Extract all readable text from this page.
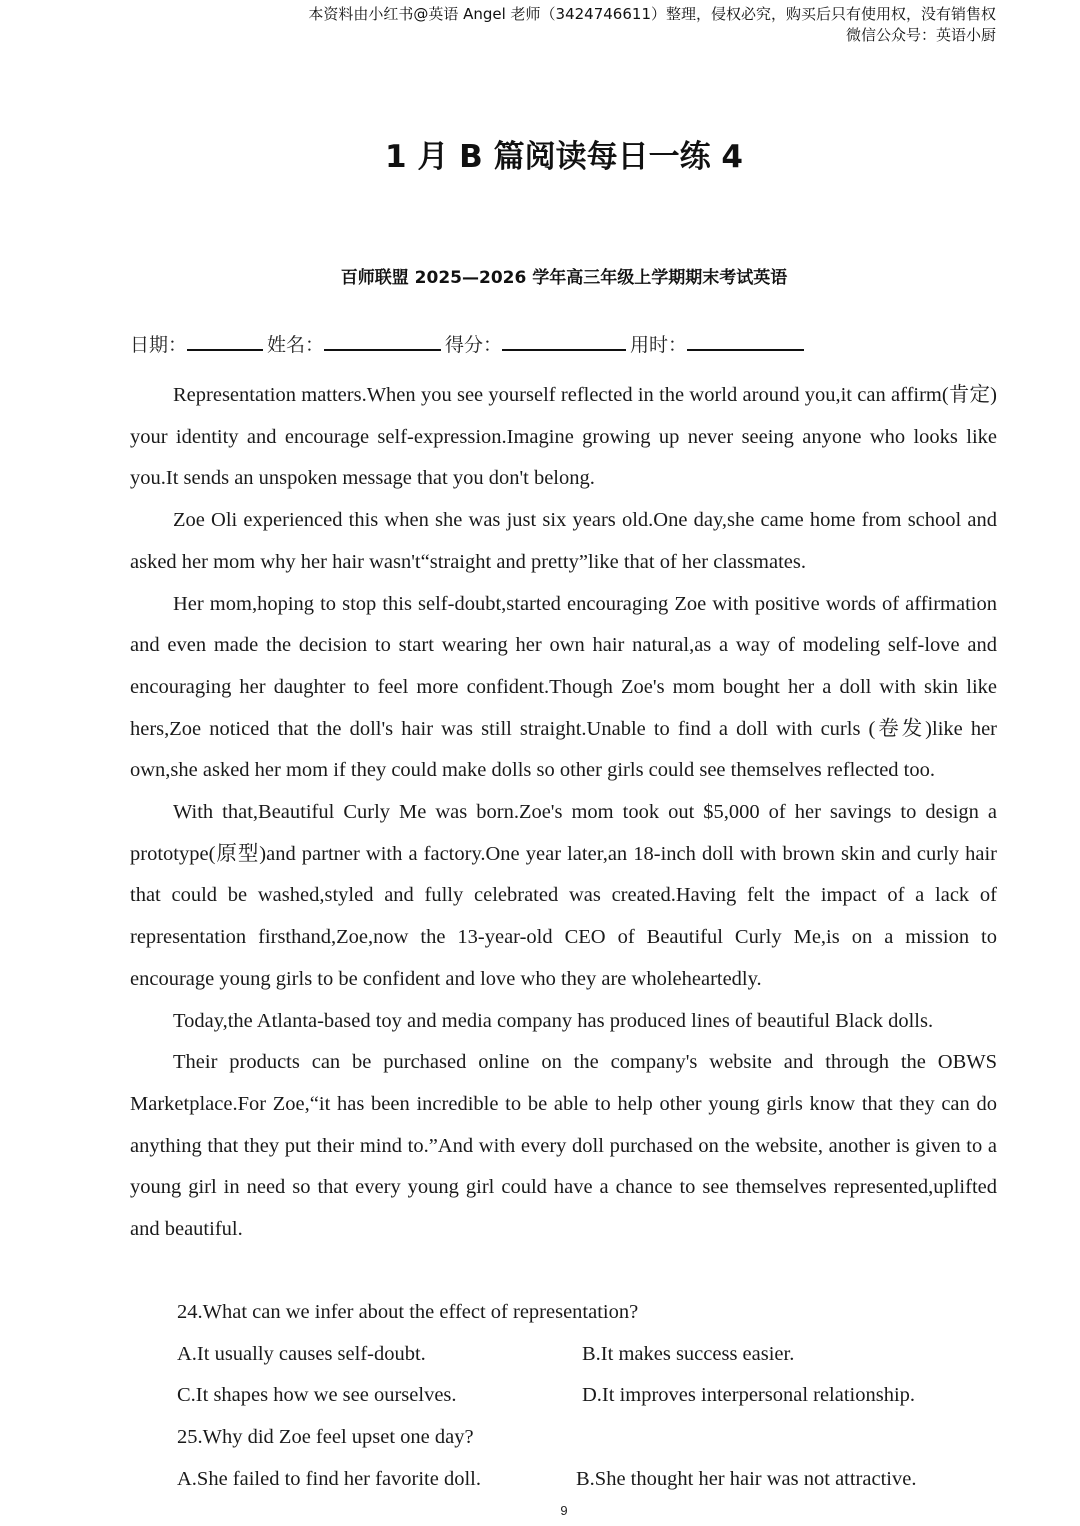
本资料由小红书@英语 Angel 老师（3424746611）整理，侵权必究，购买后只有使用权，没有销售权
微信公众号：英语小厨
1 月 B 篇阅读每日一练 4
百师联盟 2025—2026 学年高三年级上学期期末考试英语
日期：	姓名：	得分：	用时：

Representation matters.When you see yourself reflected in the world around you,it can affirm(肯定) your identity and encourage self-expression.Imagine growing up never seeing anyone who looks like you.It sends an unspoken message that you don't belong.

Zoe Oli experienced this when she was just six years old.One day,she came home from school and asked her mom why her hair wasn't“straight and pretty”like that of her classmates.

Her mom,hoping to stop this self-doubt,started encouraging Zoe with positive words of affirmation and even made the decision to start wearing her own hair natural,as a way of modeling self-love and encouraging her daughter to feel more confident.Though Zoe's mom bought her a doll with skin like hers,Zoe noticed that the doll's hair was still straight.Unable to find a doll with curls (卷发)like her own,she asked her mom if they could make dolls so other girls could see themselves reflected too.

With that,Beautiful Curly Me was born.Zoe's mom took out $5,000 of her savings to design a prototype(原型)and partner with a factory.One year later,an 18-inch doll with brown skin and curly hair that could be washed,styled and fully celebrated was created.Having felt the impact of a lack of representation firsthand,Zoe,now the 13-year-old CEO of Beautiful Curly Me,is on a mission to encourage young girls to be confident and love who they are wholeheartedly.

Today,the Atlanta-based toy and media company has produced lines of beautiful Black dolls.

Their products can be purchased online on the company's website and through the OBWS Marketplace.For Zoe,“it has been incredible to be able to help other young girls know that they can do anything that they put their mind to.”And with every doll purchased on the website, another is given to a young girl in need so that every young girl could have a chance to see themselves represented,uplifted and beautiful.

24.What can we infer about the effect of representation?

A.It usually causes self-doubt.	B.It makes success easier.
C.It shapes how we see ourselves.	D.It improves interpersonal relationship.

25.Why did Zoe feel upset one day?

A.She failed to find her favorite doll.	B.She thought her hair was not attractive.
9
